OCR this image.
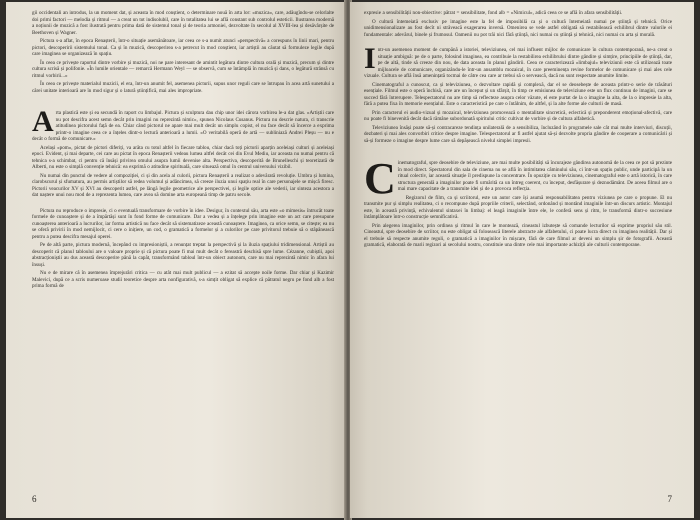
gii occidentali an introdus, la un moment dat, și aceasta în mod conștient, o determinare nouă în arta lor: «muzica», care, adăugîndu-se celorlalte doi primi factori — melodia și ritmul — a creat un tot indisolubil, care în totalitatea lui se află constant sub controlul esteticii. Ilustrarea modernă a noțiunii de muzică a fost ilustrată pentru prima dată de sistemul tonal și de teoria armoniei, dezvoltate în secolul al XVIII-lea și desăvârșite de Beethoven și Wagner.

Pictura s-a aflat, în epoca Renașterii, într-o situație asemănătoare, iar ceea ce s-a numit atunci «perspectivă» a corespuns în linii mari, pentru pictori, descoperirii sistemului tonal. Ca și în muzică, descoperirea s-a petrecut în mod conștient, iar artiștii au căutat să formuleze legile după care imaginea se organizează în spațiu.

În ceea ce privește raportul dintre vorbire și muzică, noi ne pare interesant de amintit legătura dintre cultura orală și muzică, precum și dintre cultura scrisă și polifonie. «În lumile orientale — remarcă Hermann Weyl — se observă, cum se întâmplă în muzică și dans, o legătură strânsă cu ritmul vorbirii...»

În ceea ce privește materialul muzicii, el era, într-un anumit fel, asemenea picturii, supus unor reguli care se întrupau în acea artă sunetului a cărei unitate interioară are în mod sigur și o latură științifică, mai ales impropriate.

A rta plastică este și ea secundă în raport cu limbajul. Pictura și sculptura dau chip unor idei cărora vorbirea le-a dat glas. «Artiștii care nu pot descifra acest semn decât prin imagini nu reprezintă nimic», spunea Nicolaus Cusanus. Pictura nu descrie natura, ci transcrie atitudinea pictorului față de ea. Chiar când pictorul ne apare mai mult decât un simplu copist, el nu face decât să încerce a exprima printr-o imagine ceea ce a înțeles dintr-o lectură anterioară a lumii. «O veritabilă operă de artă — subliniază Andrei Pleșu — nu e decât o formă de comunicare.»

Același «pom», pictat de pictori diferiți, va arăta cu totul altfel în fiecare tablou, chiar dacă toți pictorii aparțin aceleiași culturi și aceleiași epoci. Evident, și mai departe, cei care au pictat în epoca Renașterii vedeau lumea altfel decât cei din Evul Mediu, iar aceasta nu numai pentru că tehnica s-a schimbat, ci pentru că însăși privirea omului asupra lumii devenise alta. Perspectiva, descoperită de Brunelleschi și teoretizată de Alberti, nu este o simplă convenție tehnică: ea exprimă o atitudine spirituală, care situează omul în centrul universului vizibil.

Nu numai din punctul de vedere al compoziției, ci și din acela al culorii, pictura Renașterii a realizat o adevărată revoluție. Umbra și lumina, clarobscurul și sfumatura, au permis artiștilor să redea volumul și adâncimea, să creeze iluzia unui spațiu real în care personajele se mișcă firesc. Pictorii veacurilor XV și XVI au descoperit astfel, pe lângă legile geometrice ale perspectivei, și legile optice ale vederii, iar sinteza acestora a dat naștere unui nou mod de a reprezenta lumea, care avea să domine arta europeană timp de patru secole.

Pictura nu reproduce o impresie, ci o eventuală transformare de vorbire în idee. Desigur, în contextul său, arta este «o mimesis» întrucât toate formele de cunoaștere și de a împărtăși sunt în fond forme de comunicare. Dar a vedea și a înțelege prin imagine este un act care presupune cunoașterea anterioară a lucrurilor, iar forma artistică nu face decât să sistematizeze această cunoaștere. Imaginea, ca orice semn, se citește; ea nu se oferă privirii în mod nemijlocit, ci cere o inițiere, un cod, o gramatică a formelor și a culorilor pe care privitorul trebuie să o stăpânească pentru a putea descifra mesajul operei.

Pe de altă parte, pictura modernă, începând cu impresioniștii, a renunțat treptat la perspectivă și la iluzia spațiului tridimensional. Artiștii au descoperit că planul tabloului are o valoare proprie și că pictura poate fi mai mult decât o fereastră deschisă spre lume. Cézanne, cubiștii, apoi abstracționiștii au dus această descoperire până la capăt, transformând tabloul într-un obiect autonom, care nu mai reprezintă nimic în afara lui însuși.

Nu e de mirare că în asemenea împrejurări critica — cu atât mai mult publicul — a ezitat să accepte noile forme. Dar chiar și Kazimir Malevici, după ce a scris numeroase studii teoretice despre arta nonfigurativă, s-a simțit obligat să explice că pătratul negru pe fond alb a fost prima formă de

6

expresie a sensibilității non-obiective: pătrat = sensibilitate, fond alb = «Nimicul», adică ceea ce se află în afara sensibilității.

O cultură întemeiată exclusiv pe imagine este la fel de imposibilă ca și o cultură întemeiată numai pe știință și tehnică. Orice unidimensionalizare au fost decît ni străveacă exagerarea inversă. Omenirea se vede astfel obligată să restabilească echilibrul dintre valorile ei fundamentale: adevărul, binele și frumosul. Oamenii nu pot trăi nici fără știință, nici numai cu știință și tehnică, nici numai cu arta și morală.

I ntr-un asemenea moment de cumpănă a istoriei, televiziunea, cel mai influent mijloc de comunicare în cultura contemporană, ne-a creat o situație ambiguă: pe de o parte, folosind imaginea, ea contribuie la restabilirea echilibrului dintre gândire și simțire, principiile de știință, dar, pe de altă, tinde să creeze din nou, de data aceasta în planul gândirii. Ceea ce caracterizează «limbajul» televiziunii este că utilizează toate mijloacele de comunicare, organizându-le într-un ansamblu mozaical, în care preeminența revine formelor de comunicare și mai ales cele vizuale. Cultura se află însă amenințată tocmai de către cea care ar trebui să o servească, dacă nu sunt respectate anumite limite.

Cinematograful a cunoscut, ca și televiziunea, o dezvoltare rapidă și complexă, dar el se deosebește de aceasta printr-o serie de trăsături esențiale. Filmul este o operă închisă, care are un început și un sfârșit, în timp ce emisiunea de televiziune este un flux continuu de imagini, care se succed fără întrerupere. Telespectatorul nu are timp să reflecteze asupra celor văzute, el este purtat de la o imagine la alta, de la o impresie la alta, fără a putea fixa în memorie esențialul. Este o caracteristică pe care o întâlnim, de altfel, și la alte forme ale culturii de masă.

Prin caracterul ei audio-vizual și mozaical, televiziunea promovează o mentalitate sincretică, eclectică și preponderent emoțional-afectivă, care nu poate fi binevenită decât dacă rămâne subordonată spiritului critic cultivat de vorbire și de cultura alfabetică.

Televiziunea însăși poate să-și contracareze tendința unilaterală de a sensibiliza, încluzând în programele sale cât mai multe interviuri, discuții, dezbateri și mai ales convorbiri critice despre imagine. Telespectatorul ar fi astfel ajutat să-și dezvolte propria gândire de cooperare a comunicării și să-și formeze o imagine despre lume care să depășească nivelul simplei impresii.

C inematograful, spre deosebire de televiziune, are mai multe posibilități să încurajeze gândirea autonomă de la ceea ce pot să prezinte în mod direct. Spectatorul din sala de cinema nu se află în intimitatea căminului său, ci într-un spațiu public, unde participă la un ritual colectiv, iar această situație îl predispune la concentrare. În opoziție cu televiziunea, cinematograful este o artă istorică, în care structura generală a imaginilor poate fi urmărită ca un întreg coerent, cu început, desfășurare și deznodământ. De aceea filmul are o mai mare capacitate de a transmite idei și de a provoca reflecția.

Regizorul de film, ca și scriitorul, este un autor care își asumă responsabilitatea pentru viziunea pe care o propune. El nu transmite pur și simplu realitatea, ci o recompune după propriile criterii, selectând, ordonând și montând imaginile într-un discurs artistic. Montajul este, în această privință, echivalentul sintaxei în limbaj: el leagă imaginile între ele, le conferă sens și ritm, le transformă dintr-o succesiune întâmplătoare într-o construcție semnificativă.

Prin alegerea imaginilor, prin ordinea și ritmul în care le montează, cineastul izbutește să comande lecturilor să exprime propriul său stil. Cineastul, spre deosebire de scriitor, nu este obligat să folosească literele abstracte ale alfabetului, ci poate lucra direct cu imaginea realității. Dar și el trebuie să respecte anumite reguli, o gramatică a imaginilor în mișcare, fără de care filmul ar deveni un simplu șir de fotografii. Această gramatică, elaborată de marii regizori ai secolului nostru, constituie una dintre cele mai importante achiziții ale culturii contemporane.

7
